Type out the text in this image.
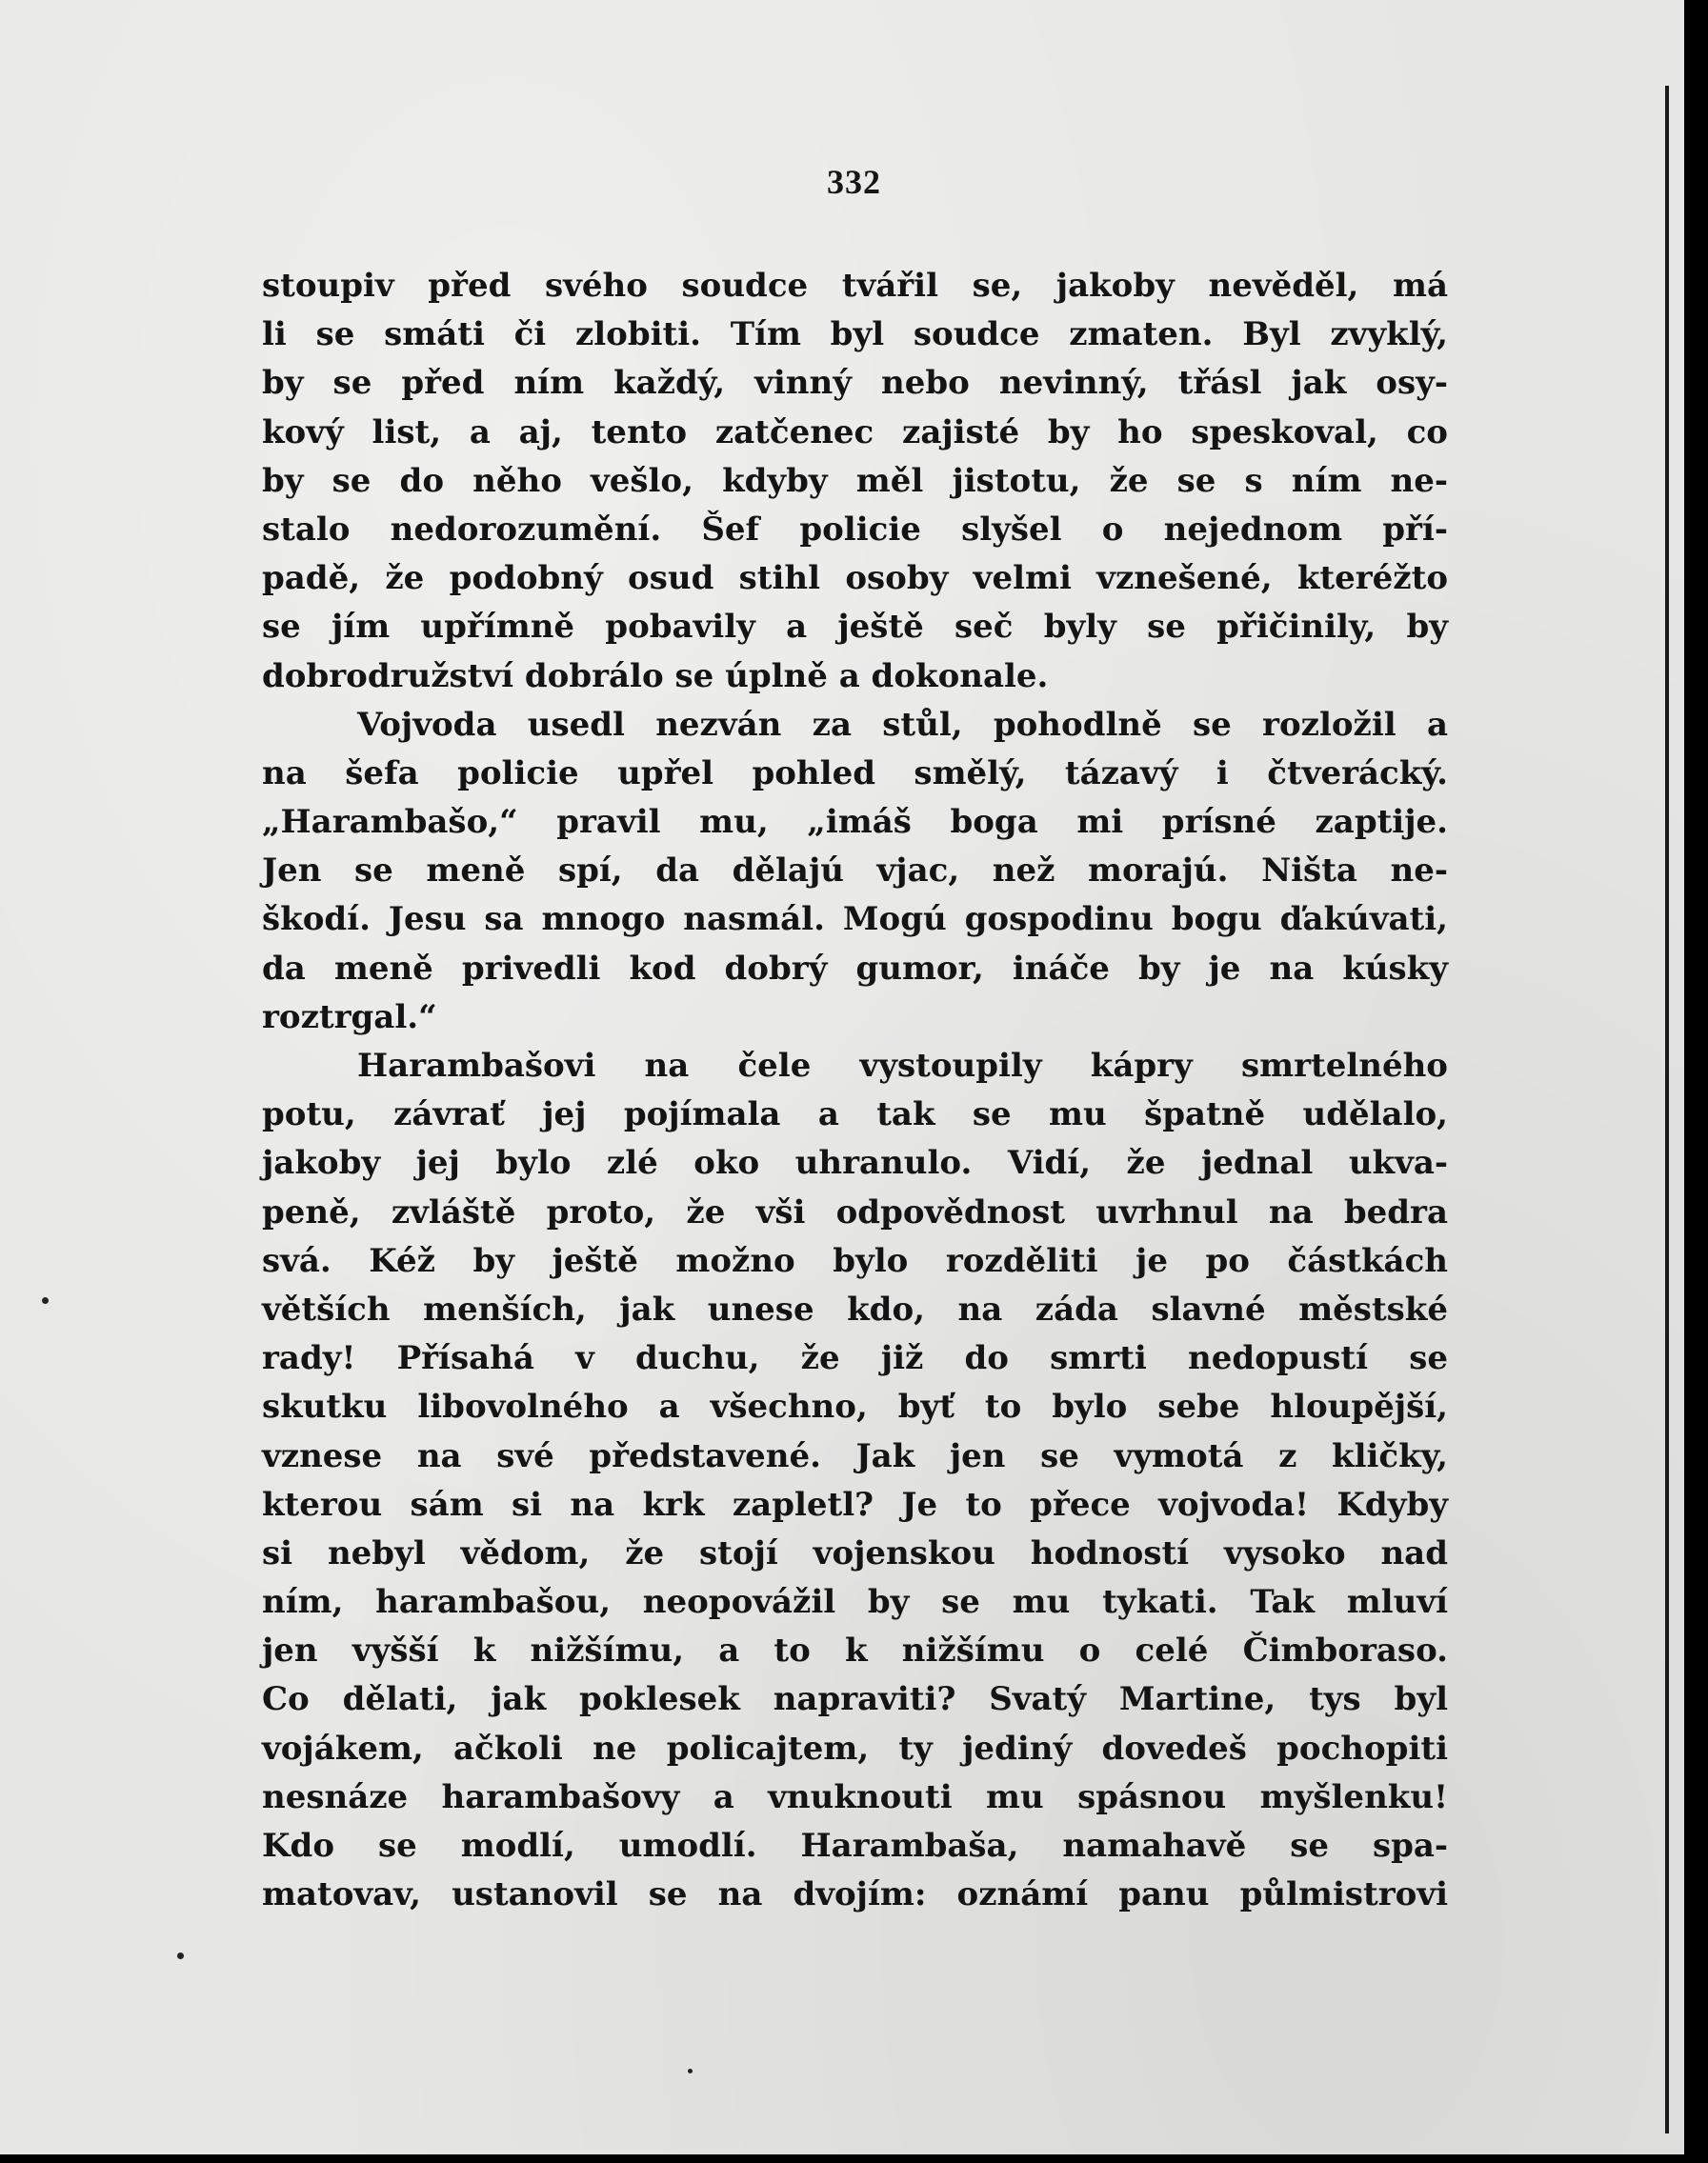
332
stoupiv před svého soudce tvářil se, jakoby nevěděl, má
li se smáti či zlobiti. Tím byl soudce zmaten. Byl zvyklý,
by se před ním každý, vinný nebo nevinný, třásl jak osy-
kový list, a aj, tento zatčenec zajisté by ho speskoval, co
by se do něho vešlo, kdyby měl jistotu, že se s ním ne-
stalo nedorozumění. Šef policie slyšel o nejednom pří-
padě, že podobný osud stihl osoby velmi vznešené, kteréžto
se jím upřímně pobavily a ještě seč byly se přičinily, by
dobrodružství dobrálo se úplně a dokonale.
Vojvoda usedl nezván za stůl, pohodlně se rozložil a
na šefa policie upřel pohled smělý, tázavý i čtverácký.
„Harambašo,“ pravil mu, „imáš boga mi prísné zaptije.
Jen se meně spí, da dělajú vjac, než morajú. Ništa ne-
škodí. Jesu sa mnogo nasmál. Mogú gospodinu bogu ďakúvati,
da meně privedli kod dobrý gumor, ináče by je na kúsky
roztrgal.“
Harambašovi na čele vystoupily kápry smrtelného
potu, závrať jej pojímala a tak se mu špatně udělalo,
jakoby jej bylo zlé oko uhranulo. Vidí, že jednal ukva-
peně, zvláště proto, že vši odpovědnost uvrhnul na bedra
svá. Kéž by ještě možno bylo rozděliti je po částkách
větších menších, jak unese kdo, na záda slavné městské
rady! Přísahá v duchu, že již do smrti nedopustí se
skutku libovolného a všechno, byť to bylo sebe hloupější,
vznese na své představené. Jak jen se vymotá z kličky,
kterou sám si na krk zapletl? Je to přece vojvoda! Kdyby
si nebyl vědom, že stojí vojenskou hodností vysoko nad
ním, harambašou, neopovážil by se mu tykati. Tak mluví
jen vyšší k nižšímu, a to k nižšímu o celé Čimboraso.
Co dělati, jak poklesek napraviti? Svatý Martine, tys byl
vojákem, ačkoli ne policajtem, ty jediný dovedeš pochopiti
nesnáze harambašovy a vnuknouti mu spásnou myšlenku!
Kdo se modlí, umodlí. Harambaša, namahavě se spa-
matovav, ustanovil se na dvojím: oznámí panu půlmistrovi
